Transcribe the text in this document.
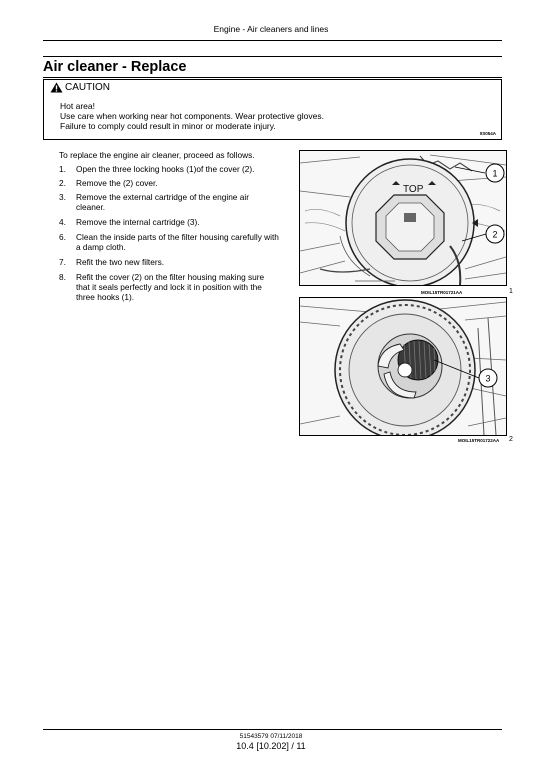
Engine - Air cleaners and lines
Air cleaner - Replace
CAUTION
Hot area!
Use care when working near hot components. Wear protective gloves.
Failure to comply could result in minor or moderate injury.
0S054A
To replace the engine air cleaner, proceed as follows.
1. Open the three locking hooks (1)of the cover (2).
2. Remove the (2) cover.
3. Remove the external cartridge of the engine air cleaner.
4. Remove the internal cartridge (3).
6. Clean the inside parts of the filter housing carefully with a damp cloth.
7. Refit the two new filters.
8. Refit the cover (2) on the filter housing making sure that it seals perfectly and lock it in position with the three hooks (1).
TOP
1
2
MOIL15TR01721AA	1
3
MOIL15TR01722AA 2
51543579 07/11/2018
10.4 [10.202] / 11
